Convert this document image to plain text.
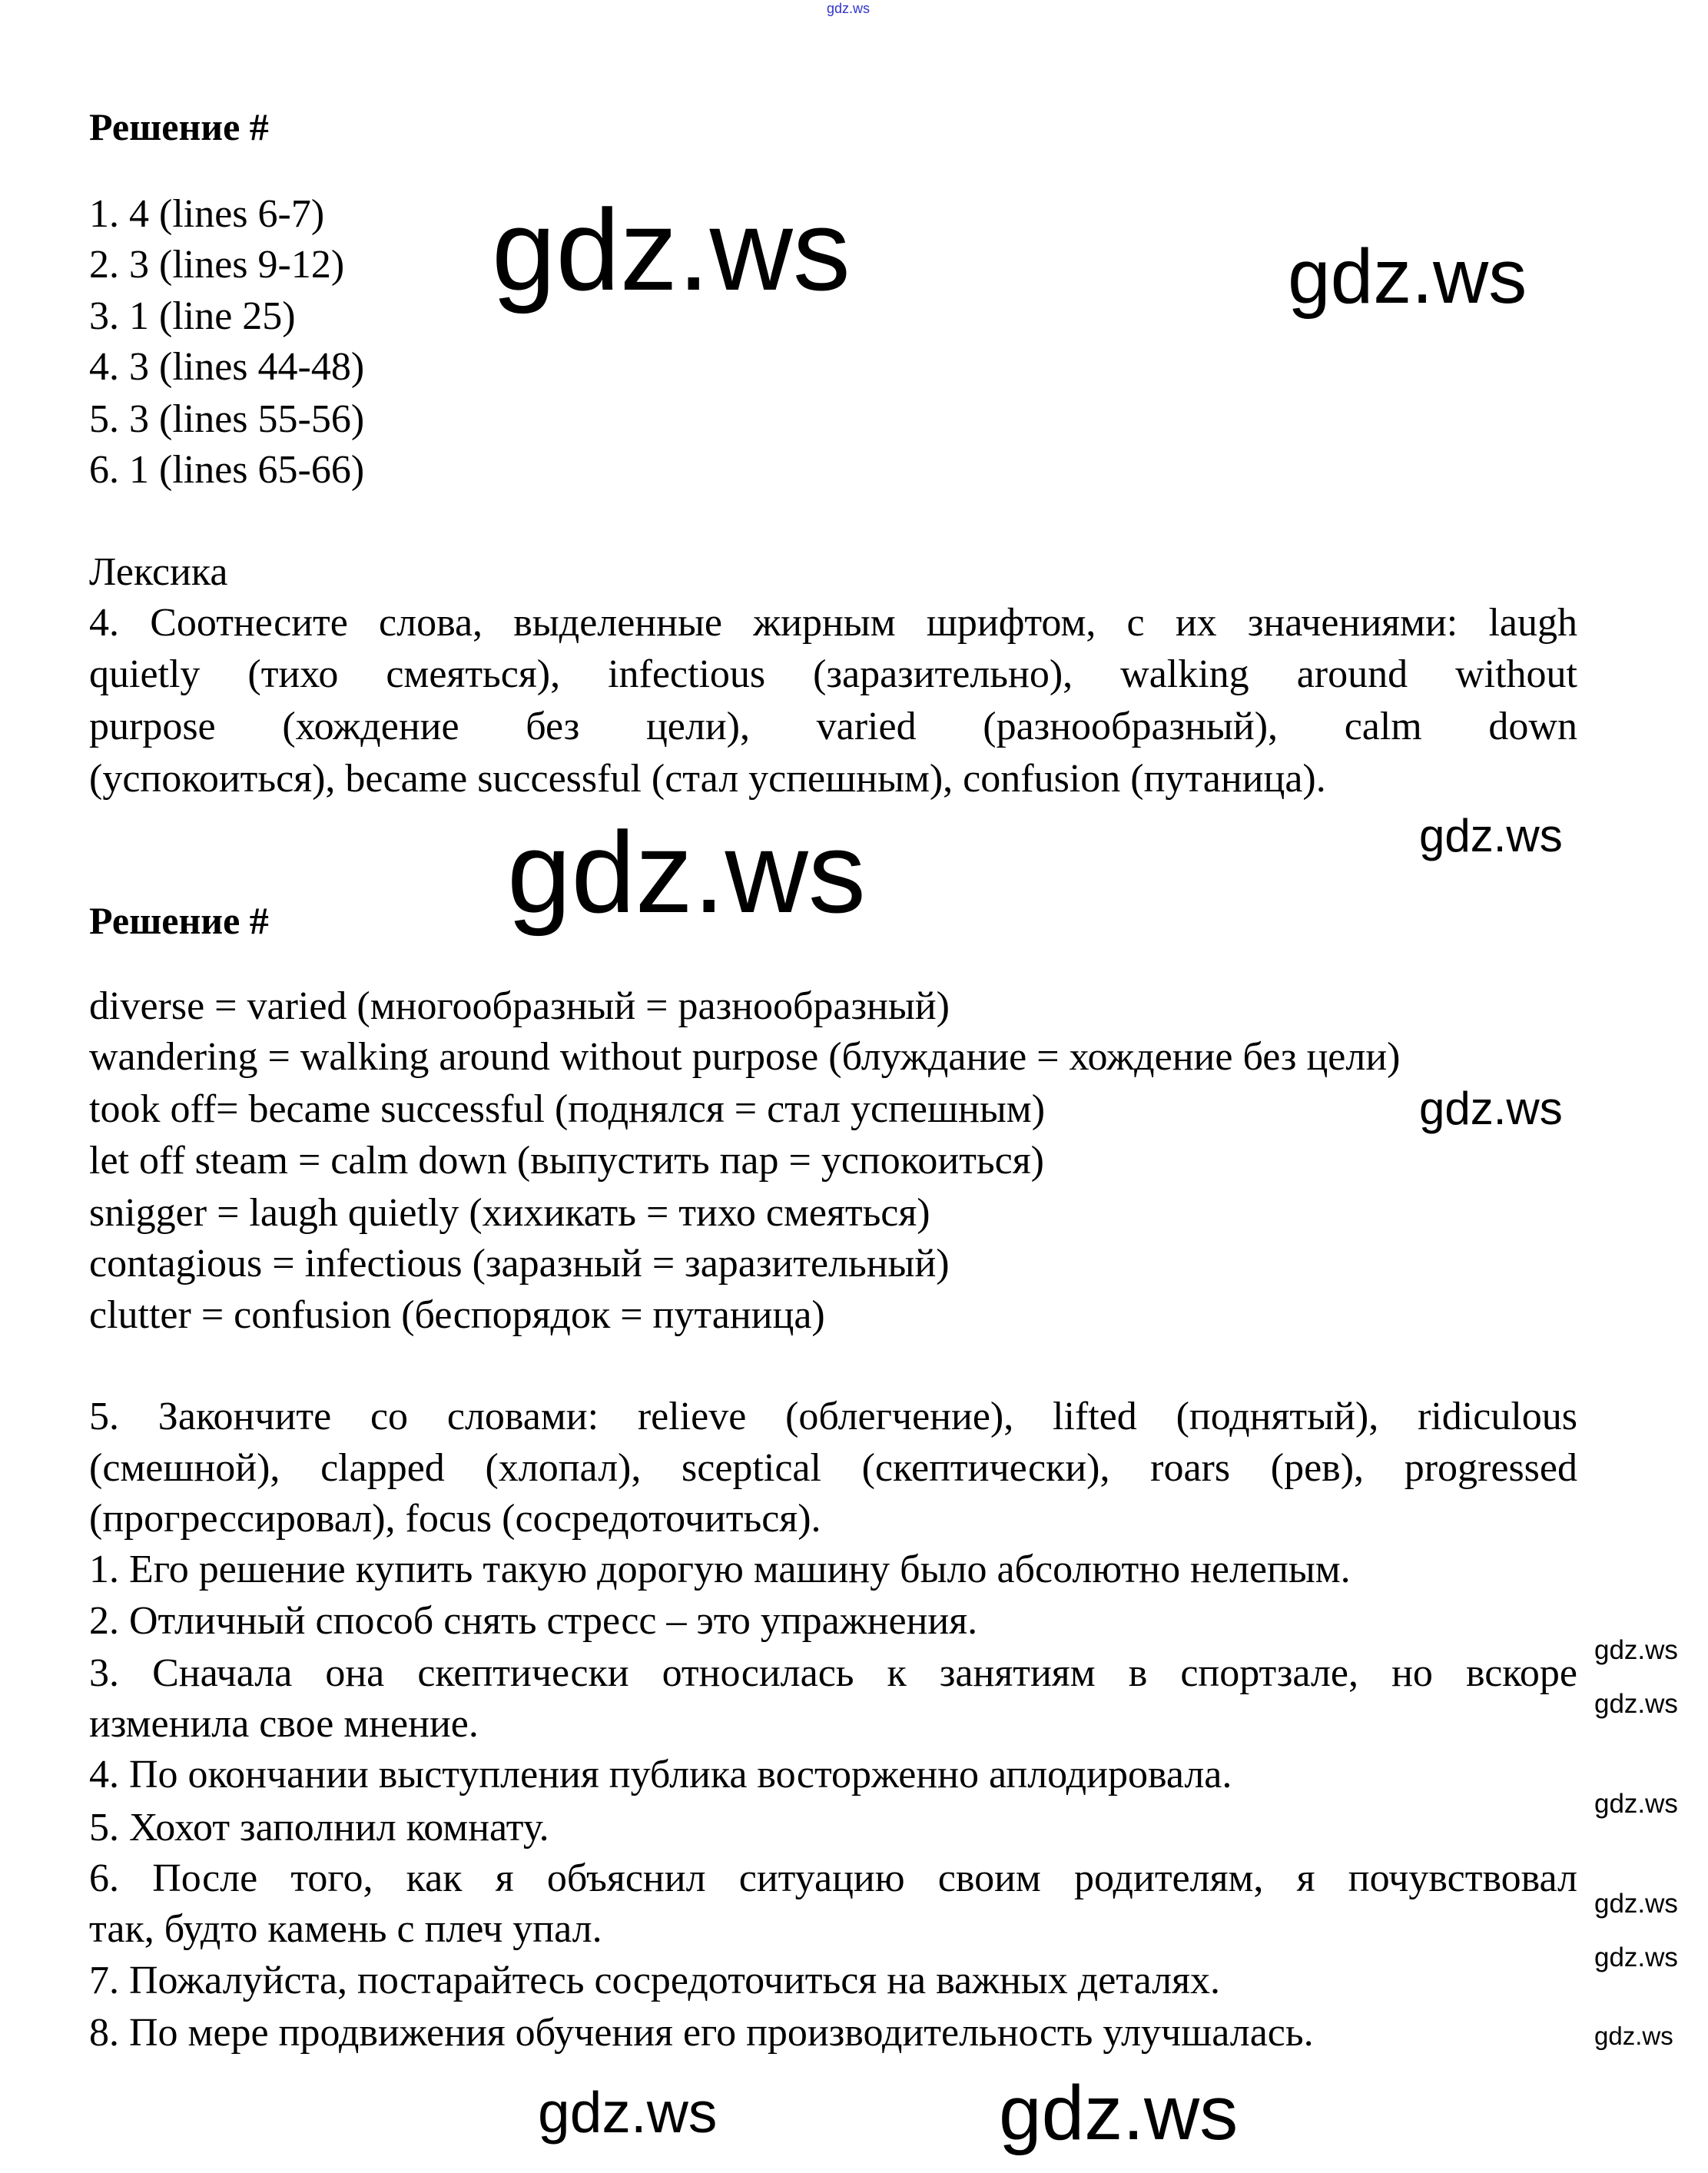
gdz.ws
Решение #
1. 4 (lines 6-7)
2. 3 (lines 9-12)
3. 1 (line 25)
4. 3 (lines 44-48)
5. 3 (lines 55-56)
6. 1 (lines 65-66)
Лексика
4. Соотнесите слова, выделенные жирным шрифтом, с их значениями: laugh
quietly (тихо смеяться), infectious (заразительно), walking around without
purpose (хождение без цели), varied (разнообразный), calm down
(успокоиться), became successful (стал успешным), confusion (путаница).
Решение #
diverse = varied (многообразный = разнообразный)
wandering = walking around without purpose (блуждание = хождение без цели)
took off= became successful (поднялся = стал успешным)
let off steam = calm down (выпустить пар = успокоиться)
snigger = laugh quietly (хихикать = тихо смеяться)
contagious = infectious (заразный = заразительный)
clutter = confusion (беспорядок = путаница)
5. Закончите со словами: relieve (облегчение), lifted (поднятый), ridiculous
(смешной), clapped (хлопал), sceptical (скептически), roars (рев), progressed
(прогрессировал), focus (сосредоточиться).
1. Его решение купить такую дорогую машину было абсолютно нелепым.
2. Отличный способ снять стресс – это упражнения.
3. Сначала она скептически относилась к занятиям в спортзале, но вскоре
изменила свое мнение.
4. По окончании выступления публика восторженно аплодировала.
5. Хохот заполнил комнату.
6. После того, как я объяснил ситуацию своим родителям, я почувствовал
так, будто камень с плеч упал.
7. Пожалуйста, постарайтесь сосредоточиться на важных деталях.
8. По мере продвижения обучения его производительность улучшалась.
gdz.ws	gdz.ws
gdz.ws
gdz.ws
gdz.ws
gdz.ws
gdz.ws
gdz.ws
gdz.ws
gdz.ws
gdz.ws
gdz.ws
gdz.ws
